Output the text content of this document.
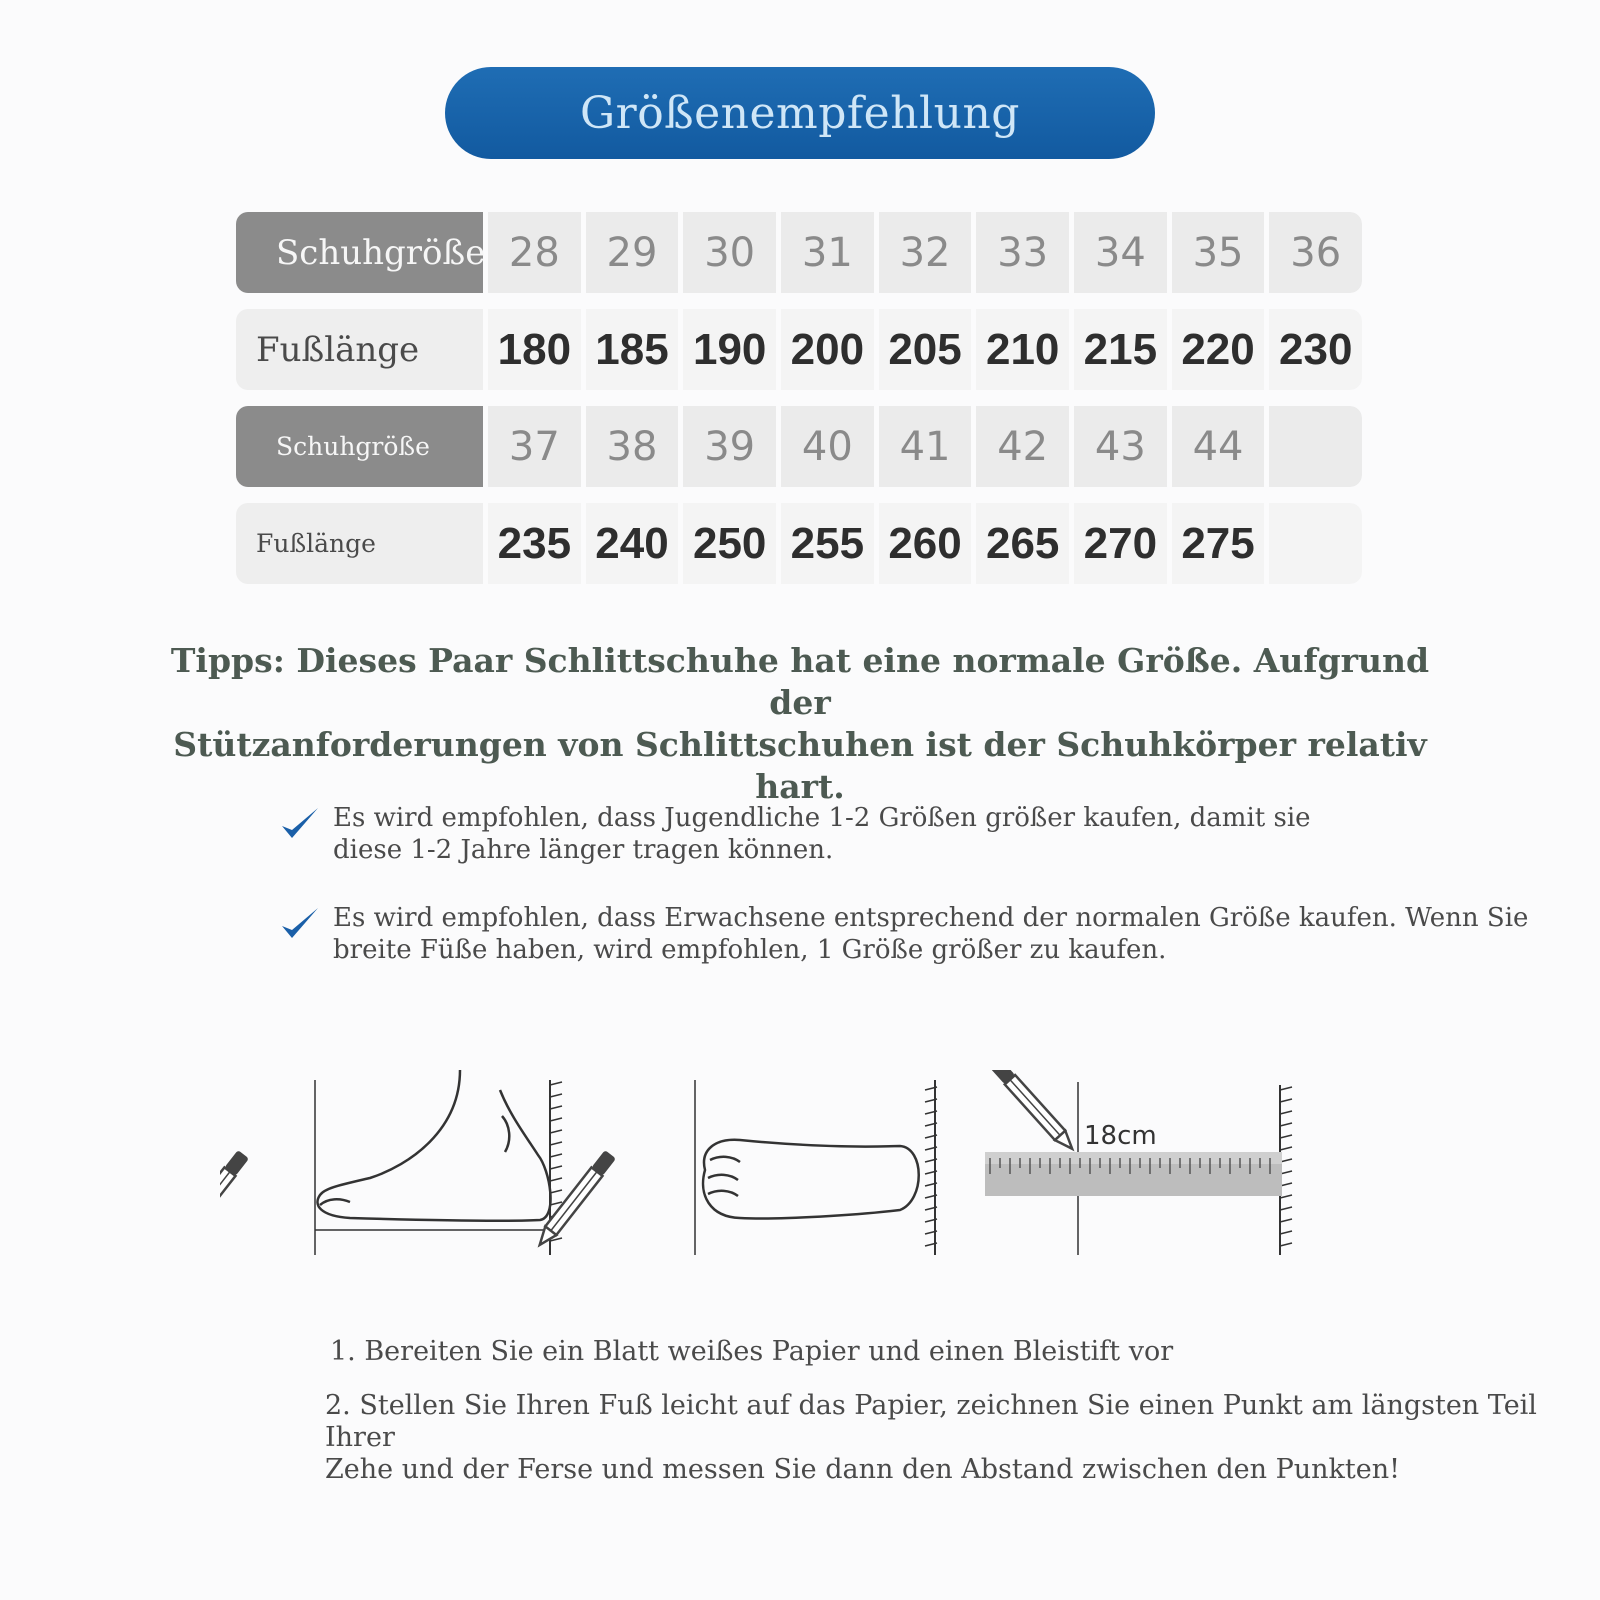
Größenempfehlung
Schuhgröße 28	29	30	31	32	33	34	35	36
Fußlänge	180 185 190 200 205 210 215 220 230
Schuhgröße	37	38	39	40	41	42	43	44
Fußlänge	235 240 250 255 260 265 270 275
Tipps: Dieses Paar Schlittschuhe hat eine normale Größe. Aufgrund der
Stützanforderungen von Schlittschuhen ist der Schuhkörper relativ hart.
Es wird empfohlen, dass Jugendliche 1-2 Größen größer kaufen, damit sie
diese 1-2 Jahre länger tragen können.
Es wird empfohlen, dass Erwachsene entsprechend der normalen Größe kaufen. Wenn Sie
breite Füße haben, wird empfohlen, 1 Größe größer zu kaufen.
18cm
1. Bereiten Sie ein Blatt weißes Papier und einen Bleistift vor
2. Stellen Sie Ihren Fuß leicht auf das Papier, zeichnen Sie einen Punkt am längsten Teil Ihrer
Zehe und der Ferse und messen Sie dann den Abstand zwischen den Punkten!
